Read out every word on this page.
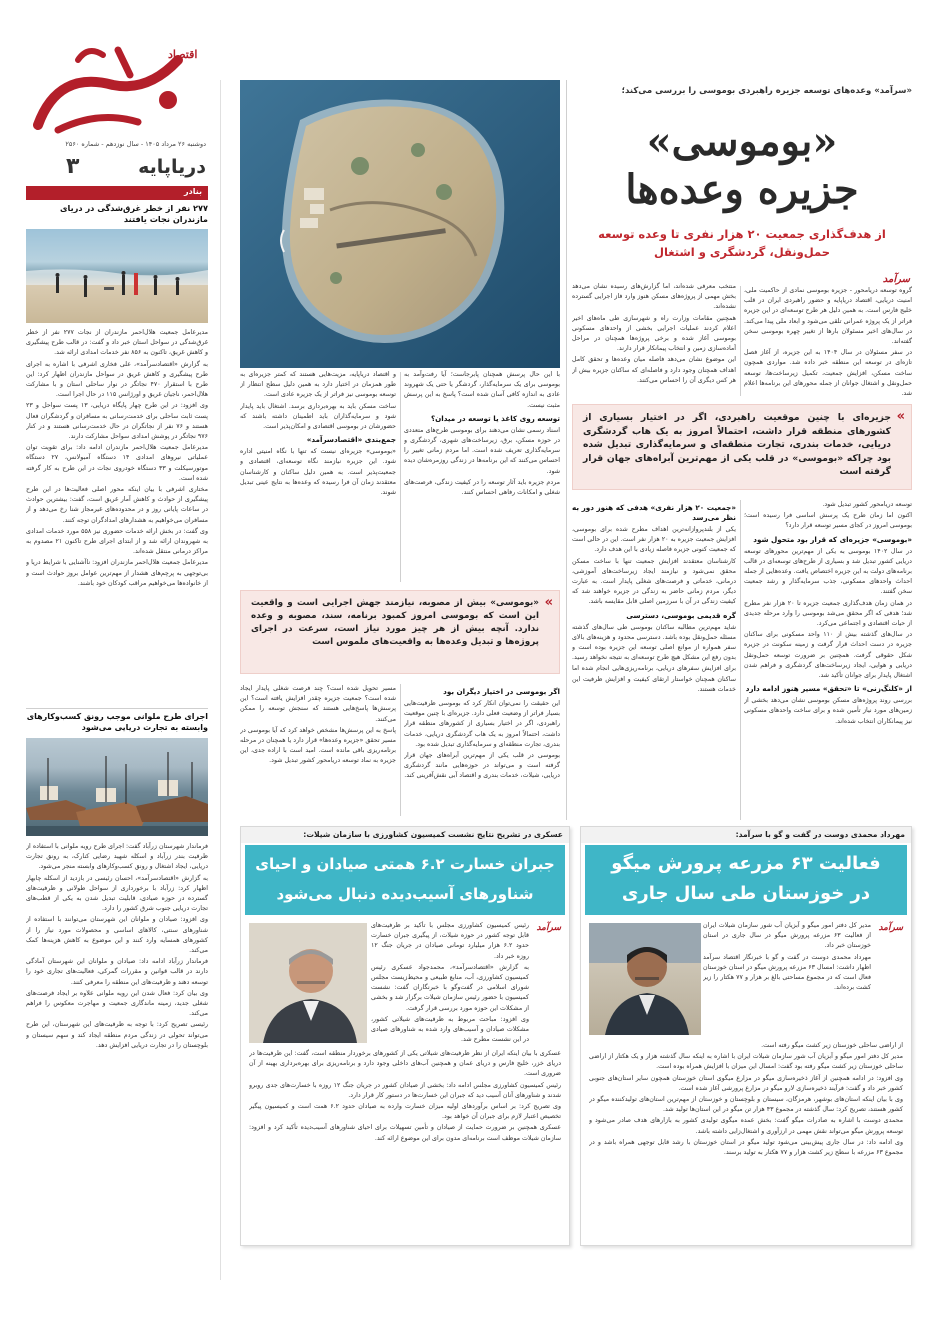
اقتصاد
دوشنبه ۲۶ مرداد ۱۴۰۵ - سال نوزدهم - شماره ۲۵۶۰
دریاپایه
۳
بنادر
۲۷۷ نفر از خطر غرق‌شدگی در دریای مازندران نجات یافتند

مدیرعامل جمعیت هلال‌احمر مازندران از نجات ۲۷۷ نفر از خطر غرق‌شدگی در سواحل استان خبر داد و گفت: در قالب طرح پیشگیری و کاهش غریق، تاکنون به ۸۵۶ نفر خدمات امدادی ارائه شد.

به گزارش «اقتصادسرآمد»، علی فخاری اشرفی با اشاره به اجرای طرح پیشگیری و کاهش غریق در سواحل مازندران اظهار کرد: این طرح با استقرار ۴۷۰ نجاتگر در نوار ساحلی استان و با مشارکت هلال‌احمر، ناجیان غریق و اورژانس ۱۱۵ در حال اجرا است.

وی افزود: در این طرح چهار پایگاه دریایی، ۱۳ پست سواحل و ۲۳ پست ثابت ساحلی برای خدمت‌رسانی به مسافران و گردشگران فعال هستند و ۷۶ نفر از نجاتگران در حال خدمت‌رسانی هستند و در کنار ۹۷۶ نجاتگر در پوشش امدادی سواحل مشارکت دارند.

مدیرعامل جمعیت هلال‌احمر مازندران ادامه داد: برای تقویت توان عملیاتی نیروهای امدادی ۱۴ دستگاه آمبولانس، ۲۷ دستگاه موتورسیکلت و ۳۳ دستگاه خودروی نجات در این طرح به کار گرفته شده است.

مختاری اشرفی با بیان اینکه محور اصلی فعالیت‌ها در این طرح پیشگیری از حوادث و کاهش آمار غریق است، گفت: بیشترین حوادث در ساعات پایانی روز و در محدوده‌های غیرمجاز شنا رخ می‌دهد و از مسافران می‌خواهیم به هشدارهای امدادگران توجه کنند.

وی گفت: در بخش ارائه خدمات حضوری نیز ۵۵۸ مورد خدمات امدادی به شهروندان ارائه شد و از ابتدای اجرای طرح تاکنون ۲۱ مصدوم به مراکز درمانی منتقل شده‌اند.

مدیرعامل جمعیت هلال‌احمر مازندران افزود: ناآشنایی با شرایط دریا و بی‌توجهی به پرچم‌های هشدار از مهم‌ترین عوامل بروز حوادث است و از خانواده‌ها می‌خواهیم مراقب کودکان خود باشند.

اجرای طرح ملوانی موجب رونق کسب‌وکارهای وابسته به تجارت دریایی می‌شود

فرماندار شهرستان زرآباد گفت: اجرای طرح رویه ملوانی با استفاده از ظرفیت بندر زرآباد و اسکله شهید رضایی کنارک، به رونق تجارت دریایی، ایجاد اشتغال و رونق کسب‌وکارهای وابسته منجر می‌شود.

به گزارش «اقتصادسرآمد»، احسان رئیسی در بازدید از اسکله چابهار اظهار کرد: زرآباد با برخورداری از سواحل طولانی و ظرفیت‌های گسترده در حوزه صیادی، قابلیت تبدیل شدن به یکی از قطب‌های تجارت دریایی جنوب شرق کشور را دارد.

وی افزود: صیادان و ملوانان این شهرستان می‌توانند با استفاده از شناورهای سنتی، کالاهای اساسی و محصولات مورد نیاز را از کشورهای همسایه وارد کنند و این موضوع به کاهش هزینه‌ها کمک می‌کند.

فرماندار زرآباد ادامه داد: صیادان و ملوانان این شهرستان آمادگی دارند در قالب قوانین و مقررات گمرکی، فعالیت‌های تجاری خود را توسعه دهند و ظرفیت‌های این منطقه را معرفی کنند.

وی بیان کرد: فعال شدن این رویه ملوانی علاوه بر ایجاد فرصت‌های شغلی جدید، زمینه ماندگاری جمعیت و مهاجرت معکوس را فراهم می‌کند.

رئیسی تصریح کرد: با توجه به ظرفیت‌های این شهرستان، این طرح می‌تواند تحولی در زندگی مردم منطقه ایجاد کند و سهم سیستان و بلوچستان را در تجارت دریایی افزایش دهد.

«سرآمد» وعده‌های توسعه جزیره راهبردی بوموسی را بررسی می‌کند؛
«بوموسی»
جزیره وعده‌ها
از هدف‌گذاری جمعیت ۲۰ هزار نفری تا وعده توسعه
حمل‌ونقل، گردشگری و اشتغال
سرآمد

گروه توسعه دریامحور - جزیره بوموسی نمادی از حاکمیت ملی، امنیت دریایی، اقتصاد دریاپایه و حضور راهبردی ایران در قلب خلیج فارس است. به همین دلیل هر طرح توسعه‌ای در این جزیره فراتر از یک پروژه عمرانی تلقی می‌شود و ابعاد ملی پیدا می‌کند. در سال‌های اخیر مسئولان بارها از تغییر چهره بوموسی سخن گفته‌اند.

در سفر مسئولان در سال ۱۴۰۴ به این جزیره، از آغاز فصل تازه‌ای در توسعه این منطقه خبر داده شد. مواردی همچون ساخت مسکن، افزایش جمعیت، تکمیل زیرساخت‌ها، توسعه حمل‌ونقل و اشتغال جوانان از جمله محورهای این برنامه‌ها اعلام شد.

منتخب معرفی شده‌اند، اما گزارش‌های رسیده نشان می‌دهد بخش مهمی از پروژه‌های مسکن هنوز وارد فاز اجرایی گسترده نشده‌اند.

همچنین مقامات وزارت راه و شهرسازی طی ماه‌های اخیر اعلام کردند عملیات اجرایی بخشی از واحدهای مسکونی بوموسی آغاز شده و برخی پروژه‌ها همچنان در مراحل آماده‌سازی زمین و انتخاب پیمانکار قرار دارند.

این موضوع نشان می‌دهد فاصله میان وعده‌ها و تحقق کامل اهداف همچنان وجود دارد و فاصله‌ای که ساکنان جزیره بیش از هر کس دیگری آن را احساس می‌کنند.

»
جزیره‌ای با چنین موقعیت راهبردی، اگر در اختیار بسیاری از کشورهای منطقه قرار داشت، احتمالاً امروز به یک هاب گردشگری دریایی، خدمات بندری، تجارت منطقه‌ای و سرمایه‌گذاری تبدیل شده بود چراکه «بوموسی» در قلب یکی از مهم‌ترین آبراه‌های جهان قرار گرفته است

توسعه دریامحور کشور تبدیل شود.

اکنون اما زمان طرح یک پرسش اساسی فرا رسیده است؛ بوموسی امروز در کجای مسیر توسعه قرار دارد؟

«بوموسی» جزیره‌ای که قرار بود متحول شود

در سال ۱۴۰۲ بوموسی به یکی از مهم‌ترین محورهای توسعه دریایی کشور تبدیل شد و بسیاری از طرح‌های توسعه‌ای در قالب برنامه‌های دولت به این جزیره اختصاص یافت. وعده‌هایی از جمله احداث واحدهای مسکونی، جذب سرمایه‌گذار و رشد جمعیت سخن گفتند.

در همان زمان هدف‌گذاری جمعیت جزیره تا ۲۰ هزار نفر مطرح شد؛ هدفی که اگر محقق می‌شد بوموسی را وارد مرحله جدیدی از حیات اقتصادی و اجتماعی می‌کرد.

در سال‌های گذشته بیش از ۱۱۰ واحد مسکونی برای ساکنان جزیره در دست احداث قرار گرفت و زمینه سکونت در جزیره شکل حقوقی گرفت. همچنین بر ضرورت توسعه حمل‌ونقل دریایی و هوایی، ایجاد زیرساخت‌های گردشگری و فراهم شدن اشتغال پایدار برای جوانان تأکید شد.

از «کلنگ‌زنی» تا «تحقق» مسیر هنوز ادامه دارد

بررسی روند پروژه‌های مسکن بوموسی نشان می‌دهد بخشی از زمین‌های مورد نیاز تأمین شده و برای ساخت واحدهای مسکونی نیز پیمانکاران انتخاب شده‌اند.

«جمعیت ۲۰ هزار نفری» هدفی که هنوز دور به نظر می‌رسد

یکی از بلندپروازانه‌ترین اهداف مطرح شده برای بوموسی، افزایش جمعیت جزیره به ۲۰ هزار نفر است. این در حالی است که جمعیت کنونی جزیره فاصله زیادی با این هدف دارد.

کارشناسان معتقدند افزایش جمعیت تنها با ساخت مسکن محقق نمی‌شود و نیازمند ایجاد زیرساخت‌های آموزشی، درمانی، خدماتی و فرصت‌های شغلی پایدار است. به عبارت دیگر، مردم زمانی حاضر به زندگی در جزیره خواهند شد که کیفیت زندگی در آن با سرزمین اصلی قابل مقایسه باشد.

گره قدیمی بوموسی، دسترسی

شاید مهم‌ترین مطالبه ساکنان بوموسی طی سال‌های گذشته مسئله حمل‌ونقل بوده باشد. دسترسی محدود و هزینه‌های بالای سفر همواره از موانع اصلی توسعه این جزیره بوده است و بدون رفع این مشکل هیچ طرح توسعه‌ای به نتیجه نخواهد رسید.

برای افزایش سفرهای دریایی، برنامه‌ریزی‌هایی انجام شده اما ساکنان همچنان خواستار ارتقای کیفیت و افزایش ظرفیت این خدمات هستند.

با این حال پرسش همچنان پابرجاست؛ آیا رفت‌وآمد به بوموسی برای یک سرمایه‌گذار، گردشگر یا حتی یک شهروند عادی به اندازه کافی آسان شده است؟ پاسخ به این پرسش مثبت نیست.

توسعه روی کاغذ یا توسعه در میدان؟

اسناد رسمی نشان می‌دهند برای بوموسی طرح‌های متعددی در حوزه مسکن، برق، زیرساخت‌های شهری، گردشگری و سرمایه‌گذاری تعریف شده است. اما مردم زمانی تغییر را احساس می‌کنند که این برنامه‌ها در زندگی روزمره‌شان دیده شود.

مردم جزیره باید آثار توسعه را در کیفیت زندگی، فرصت‌های شغلی و امکانات رفاهی احساس کنند.

و اقتصاد دریاپایه، مزیت‌هایی هستند که کمتر جزیره‌ای به طور همزمان در اختیار دارد به همین دلیل سطح انتظار از توسعه بوموسی نیز فراتر از یک جزیره عادی است.

ساخت مسکن باید به بهره‌برداری برسد. اشتغال باید پایدار شود و سرمایه‌گذاران باید اطمینان داشته باشند که حضورشان در بوموسی اقتصادی و امکان‌پذیر است.

جمع‌بندی «اقتصادسرآمد»

«بوموسی» جزیره‌ای نیست که تنها با نگاه امنیتی اداره شود. این جزیره نیازمند نگاه توسعه‌ای، اقتصادی و جمعیت‌پذیر است. به همین دلیل ساکنان و کارشناسان معتقدند زمان آن فرا رسیده که وعده‌ها به نتایج عینی تبدیل شوند.

»
«بوموسی» بیش از مصوبه، نیازمند جهش اجرایی است و واقعیت این است که بوموسی امروز کمبود برنامه، سند، مصوبه و وعده ندارد. آنچه بیش از هر چیز مورد نیاز است، سرعت در اجرای پروژه‌ها و تبدیل وعده‌ها به واقعیت‌های ملموس است

مسیر تحویل شده است؟ چند فرصت شغلی پایدار ایجاد شده است؟ جمعیت جزیره چقدر افزایش یافته است؟ این پرسش‌ها پاسخ‌هایی هستند که سنجش توسعه را ممکن می‌کنند.

پاسخ به این پرسش‌ها مشخص خواهد کرد که آیا بوموسی در مسیر تحقق «جزیره وعده‌ها» قرار دارد یا همچنان در مرحله برنامه‌ریزی باقی مانده است. امید است با اراده جدی، این جزیره به نماد توسعه دریامحور کشور تبدیل شود.

اگر بوموسی در اختیار دیگران بود

این حقیقت را نمی‌توان انکار کرد که بوموسی ظرفیت‌هایی بسیار فراتر از وضعیت فعلی دارد. جزیره‌ای با چنین موقعیت راهبردی، اگر در اختیار بسیاری از کشورهای منطقه قرار داشت، احتمالاً امروز به یک هاب گردشگری دریایی، خدمات بندری، تجارت منطقه‌ای و سرمایه‌گذاری تبدیل شده بود.

بوموسی در قلب یکی از مهم‌ترین آبراه‌های جهان قرار گرفته است و می‌تواند در حوزه‌هایی مانند گردشگری دریایی، شیلات، خدمات بندری و اقتصاد آبی نقش‌آفرینی کند.

مهرداد محمدی دوست در گفت و گو با سرآمد:
فعالیت ۶۳ مزرعه پرورش میگو
در خوزستان طی سال جاری
سرآمد

مدیر کل دفتر امور میگو و آبزیان آب شور سازمان شیلات ایران از فعالیت ۶۳ مزرعه پرورش میگو در سال جاری در استان خوزستان خبر داد.

مهرداد محمدی دوست در گفت و گو با خبرنگار اقتصاد سرآمد اظهار داشت: امسال ۶۳ مزرعه پرورش میگو در استان خوزستان فعال است که در مجموع مساحتی بالغ بر هزار و ۷۷ هکتار را زیر کشت برده‌اند.

از اراضی ساحلی خوزستان زیر کشت میگو رفته است.

مدیر کل دفتر امور میگو و آبزیان آب شور سازمان شیلات ایران با اشاره به اینکه سال گذشته هزار و یک هکتار از اراضی ساحلی خوزستان زیر کشت میگو رفته بود گفت: امسال این میزان با افزایش همراه بوده است.

وی افزود: در ادامه همچنین از آغاز ذخیره‌سازی میگو در مزارع میگوی استان خوزستان همچون سایر استان‌های جنوبی کشور خبر داد و گفت: فرآیند ذخیره‌سازی لارو میگو در مزارع پرورشی آغاز شده است.

وی با بیان اینکه استان‌های بوشهر، هرمزگان، سیستان و بلوچستان و خوزستان از مهم‌ترین استان‌های تولیدکننده میگو در کشور هستند، تصریح کرد: سال گذشته در مجموع ۴۳ هزار تن میگو در این استان‌ها تولید شد.

محمدی دوست با اشاره به صادرات میگو گفت: بخش عمده میگوی تولیدی کشور به بازارهای هدف صادر می‌شود و توسعه پرورش میگو می‌تواند نقش مهمی در ارزآوری و اشتغال‌زایی داشته باشد.

وی ادامه داد: در سال جاری پیش‌بینی می‌شود تولید میگو در استان خوزستان با رشد قابل توجهی همراه باشد و در مجموع ۶۳ مزرعه با سطح زیر کشت هزار و ۷۷ هکتار به تولید برسند.

عسکری در تشریح نتایج نشست کمیسیون کشاورزی با سازمان شیلات:
جبران خسارت ۶.۲ همتی صیادان و احیای
شناورهای آسیب‌دیده دنبال می‌شود
سرآمد

رئیس کمیسیون کشاورزی مجلس با تأکید بر ظرفیت‌های قابل توجه کشور در حوزه شیلات، از پیگیری جبران خسارت حدود ۶.۲ هزار میلیارد تومانی صیادان در جریان جنگ ۱۲ روزه خبر داد.

به گزارش «اقتصادسرآمد»، محمدجواد عسکری رئیس کمیسیون کشاورزی، آب، منابع طبیعی و محیط‌زیست مجلس شورای اسلامی در گفت‌وگو با خبرنگاران گفت: نشست کمیسیون با حضور رئیس سازمان شیلات برگزار شد و بخشی از مشکلات این حوزه مورد بررسی قرار گرفت.

وی افزود: مباحث مربوط به ظرفیت‌های شیلاتی کشور، مشکلات صیادان و آسیب‌های وارد شده به شناورهای صیادی در این نشست مطرح شد.

عسکری با بیان اینکه ایران از نظر ظرفیت‌های شیلاتی یکی از کشورهای برخوردار منطقه است، گفت: این ظرفیت‌ها در دریای خزر، خلیج فارس و دریای عمان و همچنین آب‌های داخلی وجود دارد و برنامه‌ریزی برای بهره‌برداری بهینه از آن ضروری است.

رئیس کمیسیون کشاورزی مجلس ادامه داد: بخشی از صیادان کشور در جریان جنگ ۱۲ روزه با خسارت‌های جدی روبرو شدند و شناورهای آنان آسیب دید که جبران این خسارت‌ها در دستور کار قرار دارد.

وی تصریح کرد: بر اساس برآوردهای اولیه میزان خسارت وارده به صیادان حدود ۶.۲ همت است و کمیسیون پیگیر تخصیص اعتبار لازم برای جبران آن خواهد بود.

عسکری همچنین بر ضرورت حمایت از صیادان و تأمین تسهیلات برای احیای شناورهای آسیب‌دیده تأکید کرد و افزود: سازمان شیلات موظف است برنامه‌ای مدون برای این موضوع ارائه کند.
